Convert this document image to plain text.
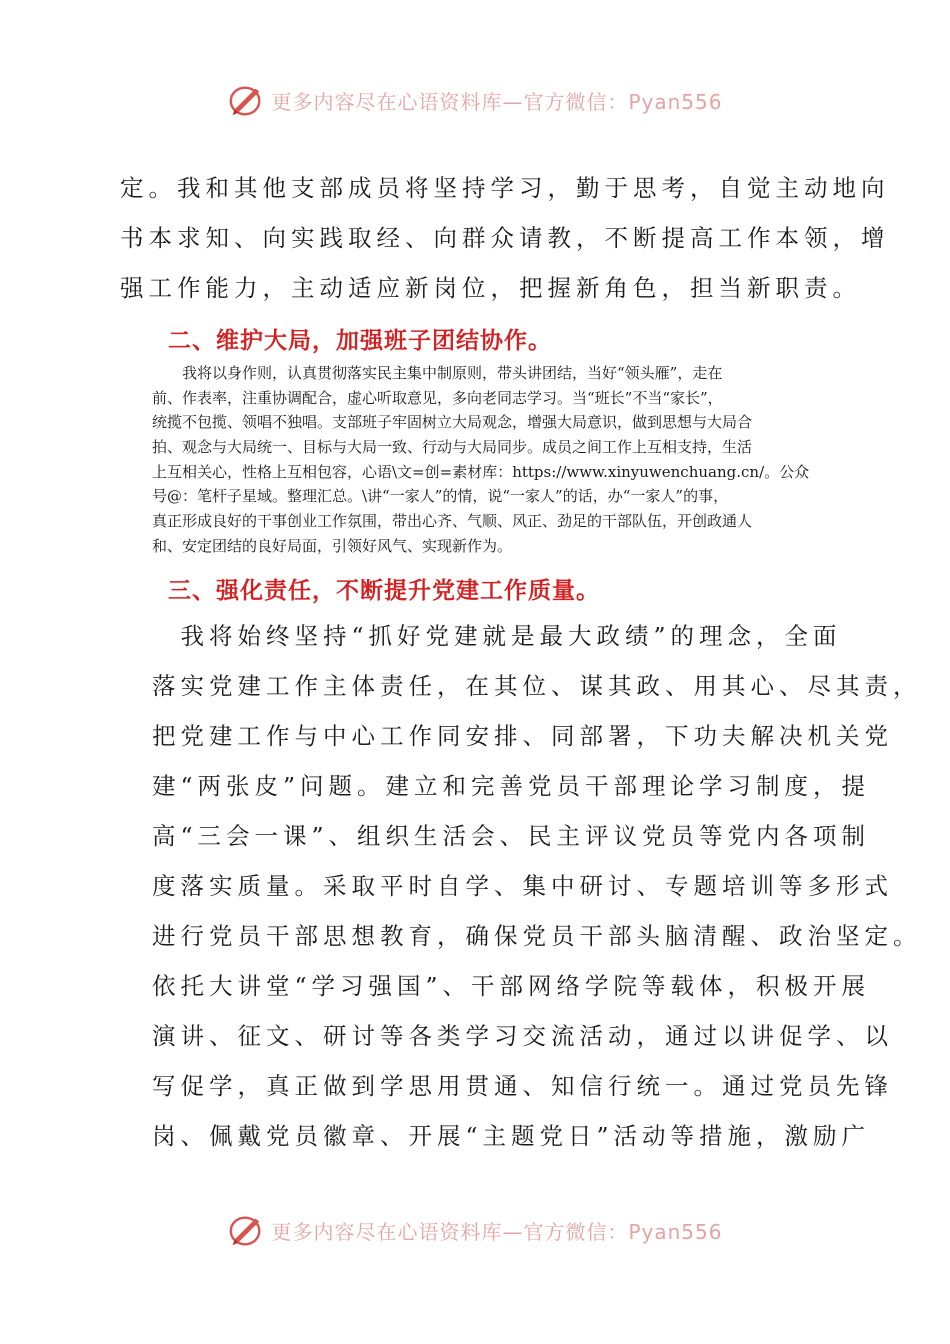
更多内容尽在心语资料库—官方微信：Pyan556
定。我和其他支部成员将坚持学习，勤于思考，自觉主动地向
书本求知、向实践取经、向群众请教，不断提高工作本领，增
强工作能力，主动适应新岗位，把握新角色，担当新职责。
二、维护大局，加强班子团结协作。
　　我将以身作则，认真贯彻落实民主集中制原则，带头讲团结，当好“领头雁”，走在
前、作表率，注重协调配合，虚心听取意见，多向老同志学习。当“班长”不当“家长”，
统揽不包揽、领唱不独唱。支部班子牢固树立大局观念，增强大局意识，做到思想与大局合
拍、观念与大局统一、目标与大局一致、行动与大局同步。成员之间工作上互相支持，生活
上互相关心，性格上互相包容，心语\文=创=素材库：https://www.xinyuwenchuang.cn/。公众
号@：笔杆子星域。整理汇总。\讲“一家人”的情，说“一家人”的话，办“一家人”的事，
真正形成良好的干事创业工作氛围，带出心齐、气顺、风正、劲足的干部队伍，开创政通人
和、安定团结的良好局面，引领好风气、实现新作为。
三、强化责任，不断提升党建工作质量。
　我将始终坚持“抓好党建就是最大政绩”的理念，全面
落实党建工作主体责任，在其位、谋其政、用其心、尽其责，
把党建工作与中心工作同安排、同部署，下功夫解决机关党
建“两张皮”问题。建立和完善党员干部理论学习制度，提
高“三会一课”、组织生活会、民主评议党员等党内各项制
度落实质量。采取平时自学、集中研讨、专题培训等多形式
进行党员干部思想教育，确保党员干部头脑清醒、政治坚定。
依托大讲堂“学习强国”、干部网络学院等载体，积极开展
演讲、征文、研讨等各类学习交流活动，通过以讲促学、以
写促学，真正做到学思用贯通、知信行统一。通过党员先锋
岗、佩戴党员徽章、开展“主题党日”活动等措施，激励广
更多内容尽在心语资料库—官方微信：Pyan556
